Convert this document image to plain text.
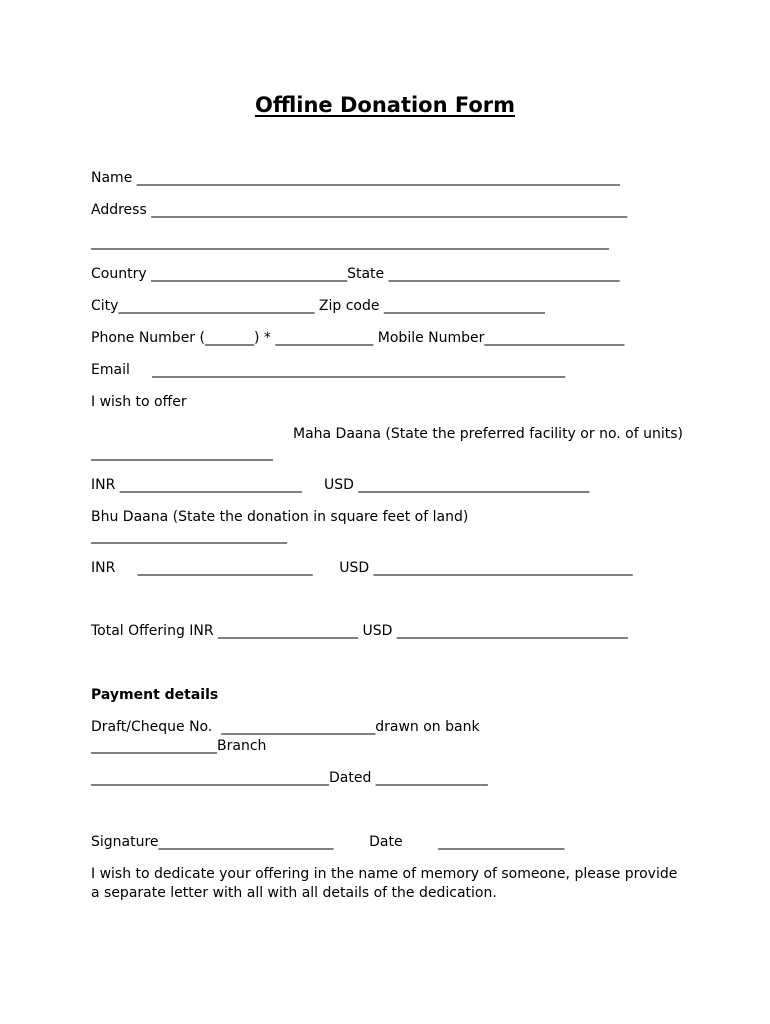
Offline Donation Form
Name _____________________________________________________________________
Address ____________________________________________________________________
__________________________________________________________________________
Country ____________________________State _________________________________
City____________________________ Zip code _______________________
Phone Number (_______) * ______________ Mobile Number____________________
Email     ___________________________________________________________
I wish to offer
Maha Daana (State the preferred facility or no. of units)
__________________________
INR __________________________     USD _________________________________
Bhu Daana (State the donation in square feet of land)
____________________________
INR     _________________________      USD _____________________________________
Total Offering INR ____________________ USD _________________________________
Payment details
Draft/Cheque No.  ______________________drawn on bank
__________________Branch
__________________________________Dated ________________
Signature_________________________        Date        __________________
I wish to dedicate your offering in the name of memory of someone, please provide
a separate letter with all with all details of the dedication.
